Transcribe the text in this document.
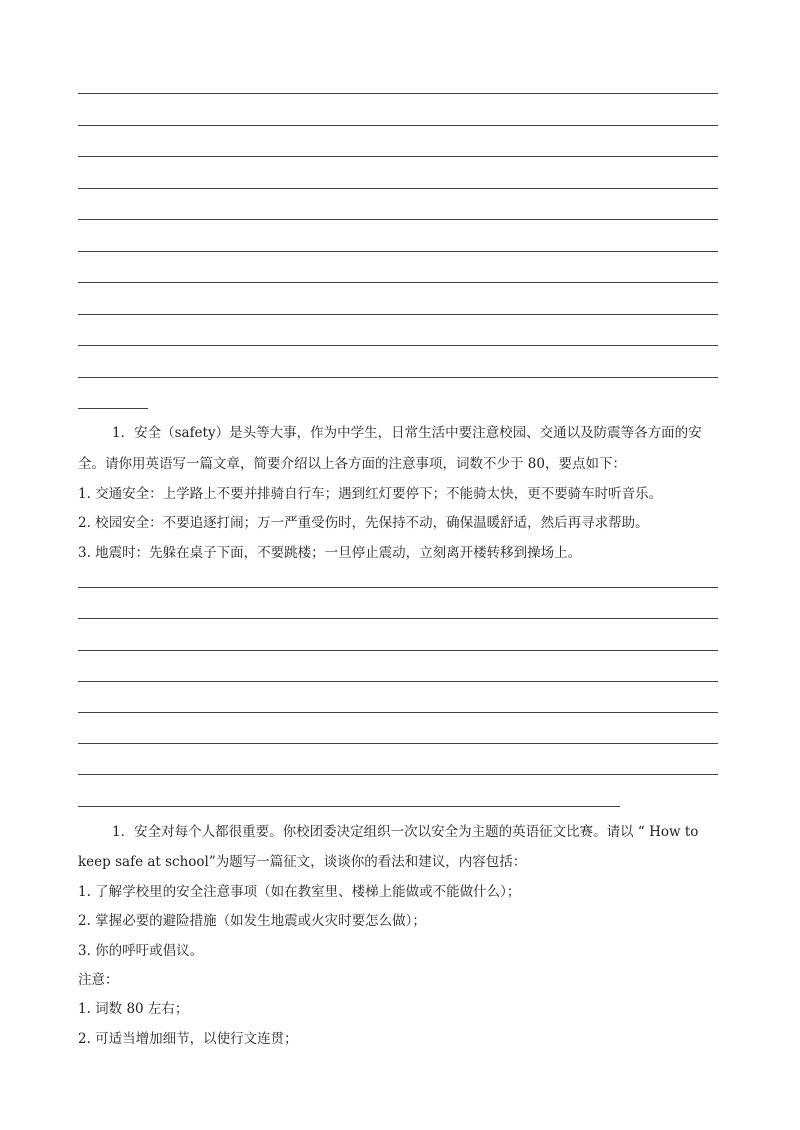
1．安全（safety）是头等大事，作为中学生，日常生活中要注意校园、交通以及防震等各方面的安
全。请你用英语写一篇文章，简要介绍以上各方面的注意事项，词数不少于 80，要点如下：
1. 交通安全：上学路上不要并排骑自行车；遇到红灯要停下；不能骑太快，更不要骑车时听音乐。
2. 校园安全：不要追逐打闹；万一严重受伤时，先保持不动，确保温暖舒适，然后再寻求帮助。
3. 地震时：先躲在桌子下面，不要跳楼；一旦停止震动，立刻离开楼转移到操场上。
1．安全对每个人都很重要。你校团委决定组织一次以安全为主题的英语征文比赛。请以 “ How to
keep safe at school”为题写一篇征文，谈谈你的看法和建议，内容包括：
1. 了解学校里的安全注意事项（如在教室里、楼梯上能做或不能做什么）；
2. 掌握必要的避险措施（如发生地震或火灾时要怎么做）；
3. 你的呼吁或倡议。
注意：
1. 词数 80 左右；
2. 可适当增加细节，以使行文连贯；
